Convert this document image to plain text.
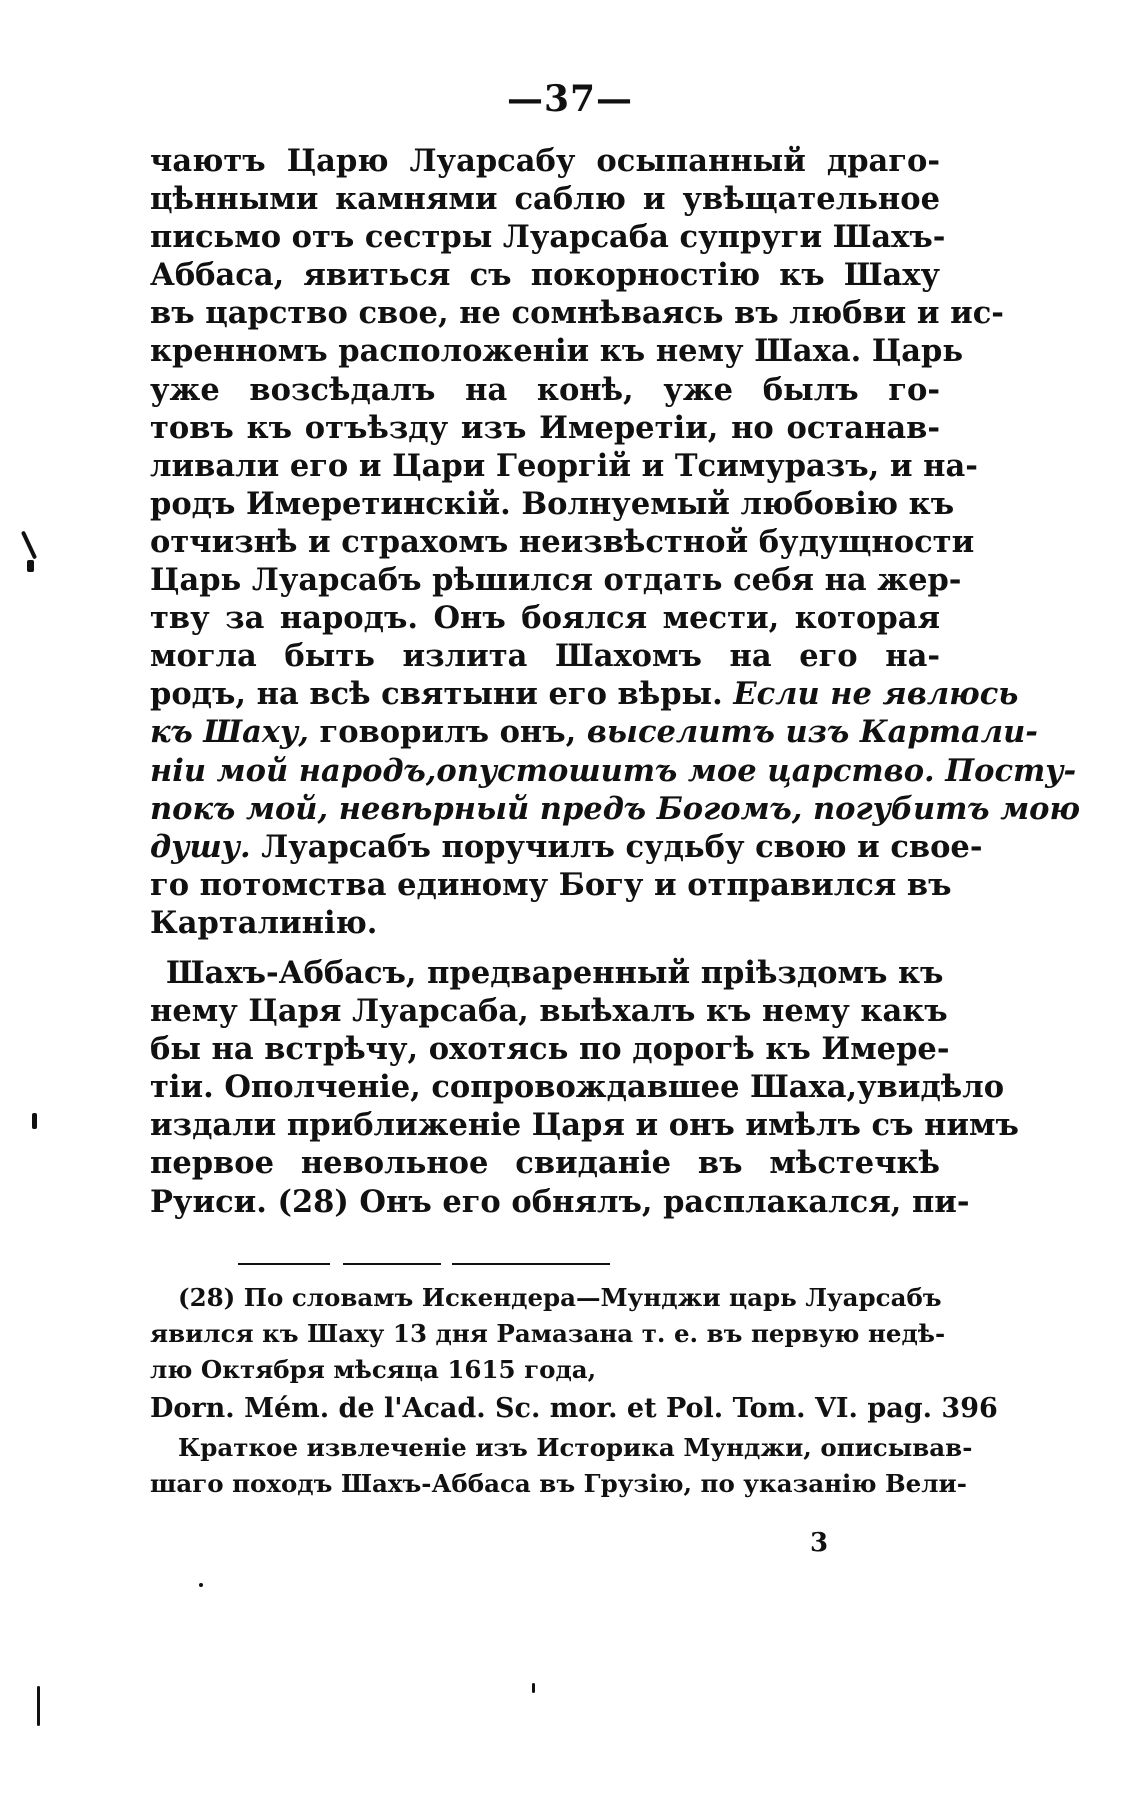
—37—
чаютъ Царю Луарсабу осыпанный драго-
цѣнными камнями саблю и увѣщательное
письмо отъ сестры Луарсаба супруги Шахъ-
Аббаса, явиться съ покорностію къ Шаху
въ царство свое, не сомнѣваясь въ любви и ис-
кренномъ расположеніи къ нему Шаха. Царь
уже возсѣдалъ на конѣ, уже былъ го-
товъ къ отъѣзду изъ Имеретіи, но останав-
ливали его и Цари Георгій и Тсимуразъ, и на-
родъ Имеретинскій. Волнуемый любовію къ
отчизнѣ и страхомъ неизвѣстной будущности
Царь Луарсабъ рѣшился отдать себя на жер-
тву за народъ. Онъ боялся мести, которая
могла быть излита Шахомъ на его на-
родъ, на всѣ святыни его вѣры. Если не явлюсь
къ Шаху, говорилъ онъ, выселитъ изъ Картали-
ніи мой народъ,опустошитъ мое царство. Посту-
покъ мой, невѣрный предъ Богомъ, погубитъ мою
душу. Луарсабъ поручилъ судьбу свою и свое-
го потомства единому Богу и отправился въ
Карталинію.
Шахъ-Аббасъ, предваренный пріѣздомъ къ
нему Царя Луарсаба, выѣхалъ къ нему какъ
бы на встрѣчу, охотясь по дорогѣ къ Имере-
тіи. Ополченіе, сопровождавшее Шаха,увидѣло
издали приближеніе Царя и онъ имѣлъ съ нимъ
первое невольное свиданіе въ мѣстечкѣ
Руиси. (28) Онъ его обнялъ, расплакался, пи-
(28) По словамъ Искендера—Мунджи царь Луарсабъ
явился къ Шаху 13 дня Рамазана т. е. въ первую недѣ-
лю Октября мѣсяца 1615 года,
Dorn. Mém. de l'Acad. Sc. mor. et Pol. Tom. VI. pag. 396
Краткое извлеченіе изъ Историка Мунджи, описывав-
шаго походъ Шахъ-Аббаса въ Грузію, по указанію Вели-
3
